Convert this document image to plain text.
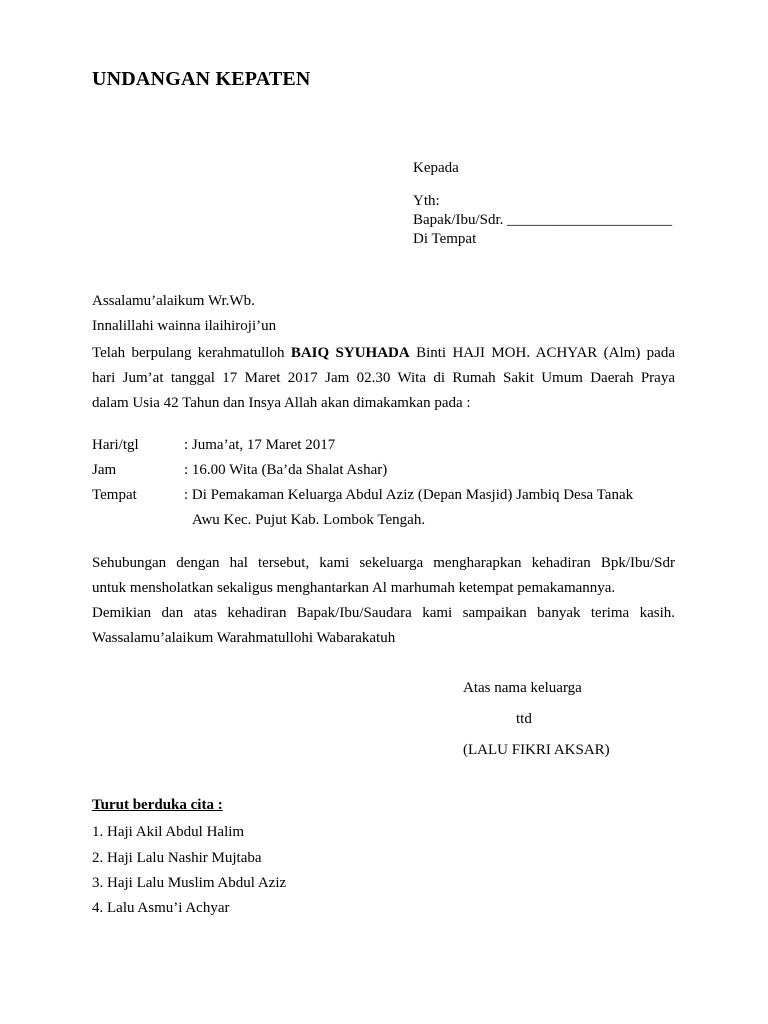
UNDANGAN KEPATEN
Kepada
Yth:
Bapak/Ibu/Sdr. ______________________
Di Tempat
Assalamu’alaikum Wr.Wb.
Innalillahi wainna ilaihiroji’un
Telah berpulang kerahmatulloh BAIQ SYUHADA Binti HAJI MOH. ACHYAR (Alm) pada
hari Jum’at tanggal 17 Maret 2017 Jam 02.30 Wita di Rumah Sakit Umum Daerah Praya
dalam Usia 42 Tahun dan Insya Allah akan dimakamkan pada :
Hari/tgl	: Juma’at, 17 Maret 2017
Jam	: 16.00 Wita (Ba’da Shalat Ashar)
Tempat	: Di Pemakaman Keluarga Abdul Aziz (Depan Masjid) Jambiq Desa Tanak
Awu Kec. Pujut Kab. Lombok Tengah.
Sehubungan dengan hal tersebut, kami sekeluarga mengharapkan kehadiran Bpk/Ibu/Sdr
untuk mensholatkan sekaligus menghantarkan Al marhumah ketempat pemakamannya.
Demikian dan atas kehadiran Bapak/Ibu/Saudara kami sampaikan banyak terima kasih.
Wassalamu’alaikum Warahmatullohi Wabarakatuh
Atas nama keluarga
ttd
(LALU FIKRI AKSAR)
Turut berduka cita :
1. Haji Akil Abdul Halim
2. Haji Lalu Nashir Mujtaba
3. Haji Lalu Muslim Abdul Aziz
4. Lalu Asmu’i Achyar
